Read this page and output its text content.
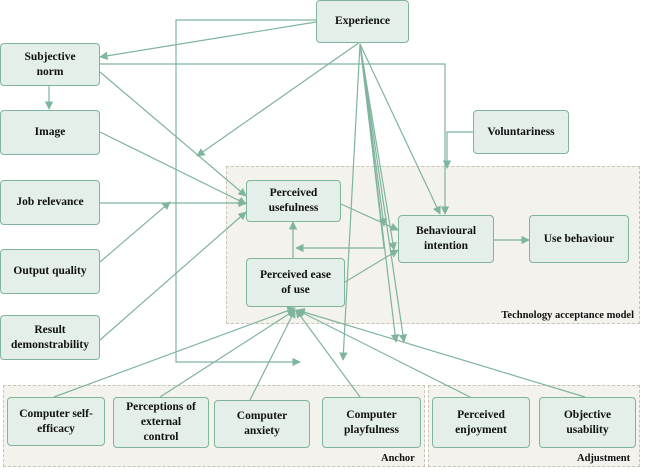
Technology acceptance model
Anchor	Adjustment
Experience
Subjective
norm
Image
Job relevance
Output quality
Result
demonstrability
Voluntariness
Perceived
usefulness
Perceived ease
of use
Behavioural
intention
Use behaviour
Computer self-
efficacy
Perceptions of
external
control
Computer
anxiety
Computer
playfulness
Perceived
enjoyment
Objective
usability
